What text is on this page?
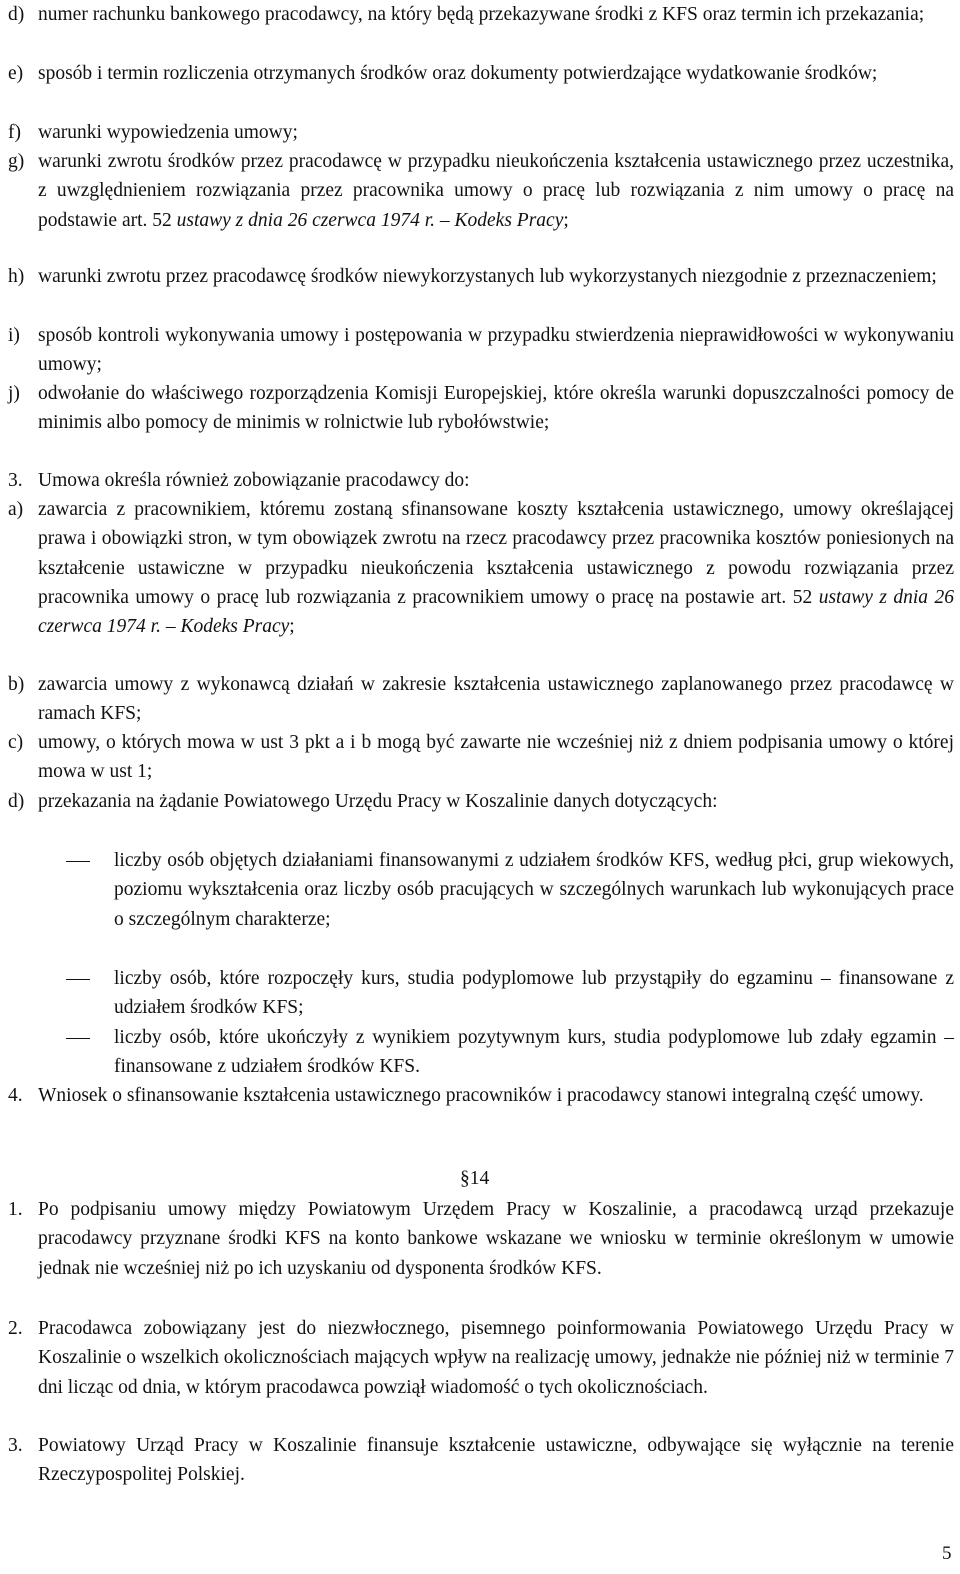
d) numer rachunku bankowego pracodawcy, na który będą przekazywane środki z KFS oraz termin ich przekazania;
e) sposób i termin rozliczenia otrzymanych środków oraz dokumenty potwierdzające wydatkowanie środków;
f) warunki wypowiedzenia umowy;
g) warunki zwrotu środków przez pracodawcę w przypadku nieukończenia kształcenia ustawicznego przez uczestnika, z uwzględnieniem rozwiązania przez pracownika umowy o pracę lub rozwiązania z nim umowy o pracę na podstawie art. 52 ustawy z dnia 26 czerwca 1974 r. – Kodeks Pracy;
h) warunki zwrotu przez pracodawcę środków niewykorzystanych lub wykorzystanych niezgodnie z przeznaczeniem;
i) sposób kontroli wykonywania umowy i postępowania w przypadku stwierdzenia nieprawidłowości w wykonywaniu umowy;
j) odwołanie do właściwego rozporządzenia Komisji Europejskiej, które określa warunki dopuszczalności pomocy de minimis albo pomocy de minimis w rolnictwie lub rybołówstwie;
3. Umowa określa również zobowiązanie pracodawcy do:
a) zawarcia z pracownikiem, któremu zostaną sfinansowane koszty kształcenia ustawicznego, umowy określającej prawa i obowiązki stron, w tym obowiązek zwrotu na rzecz pracodawcy przez pracownika kosztów poniesionych na kształcenie ustawiczne w przypadku nieukończenia kształcenia ustawicznego z powodu rozwiązania przez pracownika umowy o pracę lub rozwiązania z pracownikiem umowy o pracę na postawie art. 52 ustawy z dnia 26 czerwca 1974 r. – Kodeks Pracy;
b) zawarcia umowy z wykonawcą działań w zakresie kształcenia ustawicznego zaplanowanego przez pracodawcę w ramach KFS;
c) umowy, o których mowa w ust 3 pkt a i b mogą być zawarte nie wcześniej niż z dniem podpisania umowy o której mowa w ust 1;
d) przekazania na żądanie Powiatowego Urzędu Pracy w Koszalinie danych dotyczących:
liczby osób objętych działaniami finansowanymi z udziałem środków KFS, według płci, grup wiekowych, poziomu wykształcenia oraz liczby osób pracujących w szczególnych warunkach lub wykonujących prace o szczególnym charakterze;
liczby osób, które rozpoczęły kurs, studia podyplomowe lub przystąpiły do egzaminu – finansowane z udziałem środków KFS;
liczby osób, które ukończyły z wynikiem pozytywnym kurs, studia podyplomowe lub zdały egzamin – finansowane z udziałem środków KFS.
4. Wniosek o sfinansowanie kształcenia ustawicznego pracowników i pracodawcy stanowi integralną część umowy.
§14
1. Po podpisaniu umowy między Powiatowym Urzędem Pracy w Koszalinie, a pracodawcą urząd przekazuje pracodawcy przyznane środki KFS na konto bankowe wskazane we wniosku w terminie określonym w umowie jednak nie wcześniej niż po ich uzyskaniu od dysponenta środków KFS.
2. Pracodawca zobowiązany jest do niezwłocznego, pisemnego poinformowania Powiatowego Urzędu Pracy w Koszalinie o wszelkich okolicznościach mających wpływ na realizację umowy, jednakże nie później niż w terminie 7 dni licząc od dnia, w którym pracodawca powziął wiadomość o tych okolicznościach.
3. Powiatowy Urząd Pracy w Koszalinie finansuje kształcenie ustawiczne, odbywające się wyłącznie na terenie Rzeczypospolitej Polskiej.
5
